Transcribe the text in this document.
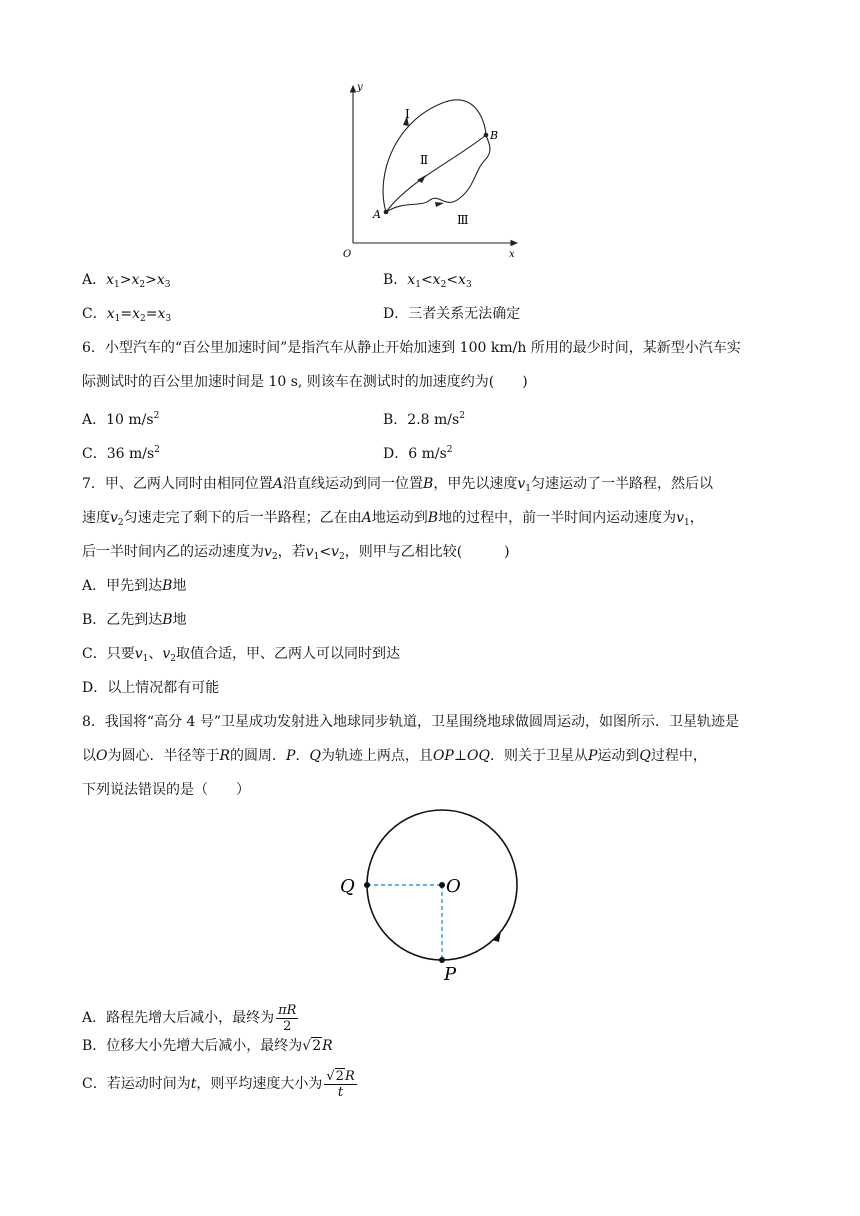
y
x
O
A
B
Ⅰ
Ⅱ
Ⅲ
A．$x_1>x_2>x_3$	B．$x_1<x_2<x_3$
C．$x_1=x_2=x_3$	D．三者关系无法确定
6．小型汽车的“百公里加速时间”是指汽车从静止开始加速到 100 km/h 所用的最少时间，某新型小汽车实
际测试时的百公里加速时间是 10 s, 则该车在测试时的加速度约为(　　)
A．10 $m/s^2$	B．2.8 $m/s^2$
C．36 $m/s^2$	D．6 $m/s^2$
7．甲、乙两人同时由相同位置A沿直线运动到同一位置B，甲先以速度$v_1$匀速运动了一半路程，然后以
速度$v_2$匀速走完了剩下的后一半路程；乙在由A地运动到B地的过程中，前一半时间内运动速度为$v_1$，
后一半时间内乙的运动速度为$v_2$，若$v_1<v_2$，则甲与乙相比较(　　　)
A．甲先到达B地
B．乙先到达B地
C．只要$v_1$、$v_2$取值合适，甲、乙两人可以同时到达
D．以上情况都有可能
8．我国将“高分 4 号”卫星成功发射进入地球同步轨道，卫星围绕地球做圆周运动，如图所示．卫星轨迹是
以O为圆心．半径等于R的圆周．P．Q为轨迹上两点，且OP⊥OQ．则关于卫星从P运动到Q过程中，
下列说法错误的是（　　）
Q	O
P
A．路程先增大后减小，最终为 $\frac{\pi R}{2}$
B．位移大小先增大后减小，最终为√2R
C．若运动时间为t，则平均速度大小为 $\frac{√2R}{t}$
